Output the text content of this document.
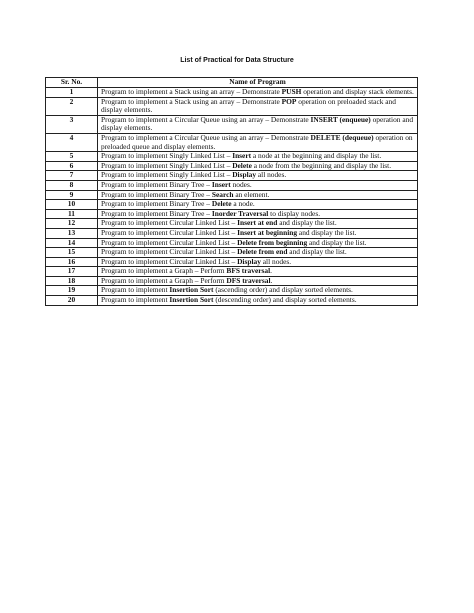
List of Practical for Data Structure
Sr. No.	Name of Program
1	Program to implement a Stack using an array – Demonstrate PUSH operation and display stack elements.
2	Program to implement a Stack using an array – Demonstrate POP operation on preloaded stack and display elements.
3	Program to implement a Circular Queue using an array – Demonstrate INSERT (enqueue) operation and display elements.
4	Program to implement a Circular Queue using an array – Demonstrate DELETE (dequeue) operation on preloaded queue and display elements.
5	Program to implement Singly Linked List – Insert a node at the beginning and display the list.
6	Program to implement Singly Linked List – Delete a node from the beginning and display the list.
7	Program to implement Singly Linked List – Display all nodes.
8	Program to implement Binary Tree – Insert nodes.
9	Program to implement Binary Tree – Search an element.
10	Program to implement Binary Tree – Delete a node.
11	Program to implement Binary Tree – Inorder Traversal to display nodes.
12	Program to implement Circular Linked List – Insert at end and display the list.
13	Program to implement Circular Linked List – Insert at beginning and display the list.
14	Program to implement Circular Linked List – Delete from beginning and display the list.
15	Program to implement Circular Linked List – Delete from end and display the list.
16	Program to implement Circular Linked List – Display all nodes.
17	Program to implement a Graph – Perform BFS traversal.
18	Program to implement a Graph – Perform DFS traversal.
19	Program to implement Insertion Sort (ascending order) and display sorted elements.
20	Program to implement Insertion Sort (descending order) and display sorted elements.
